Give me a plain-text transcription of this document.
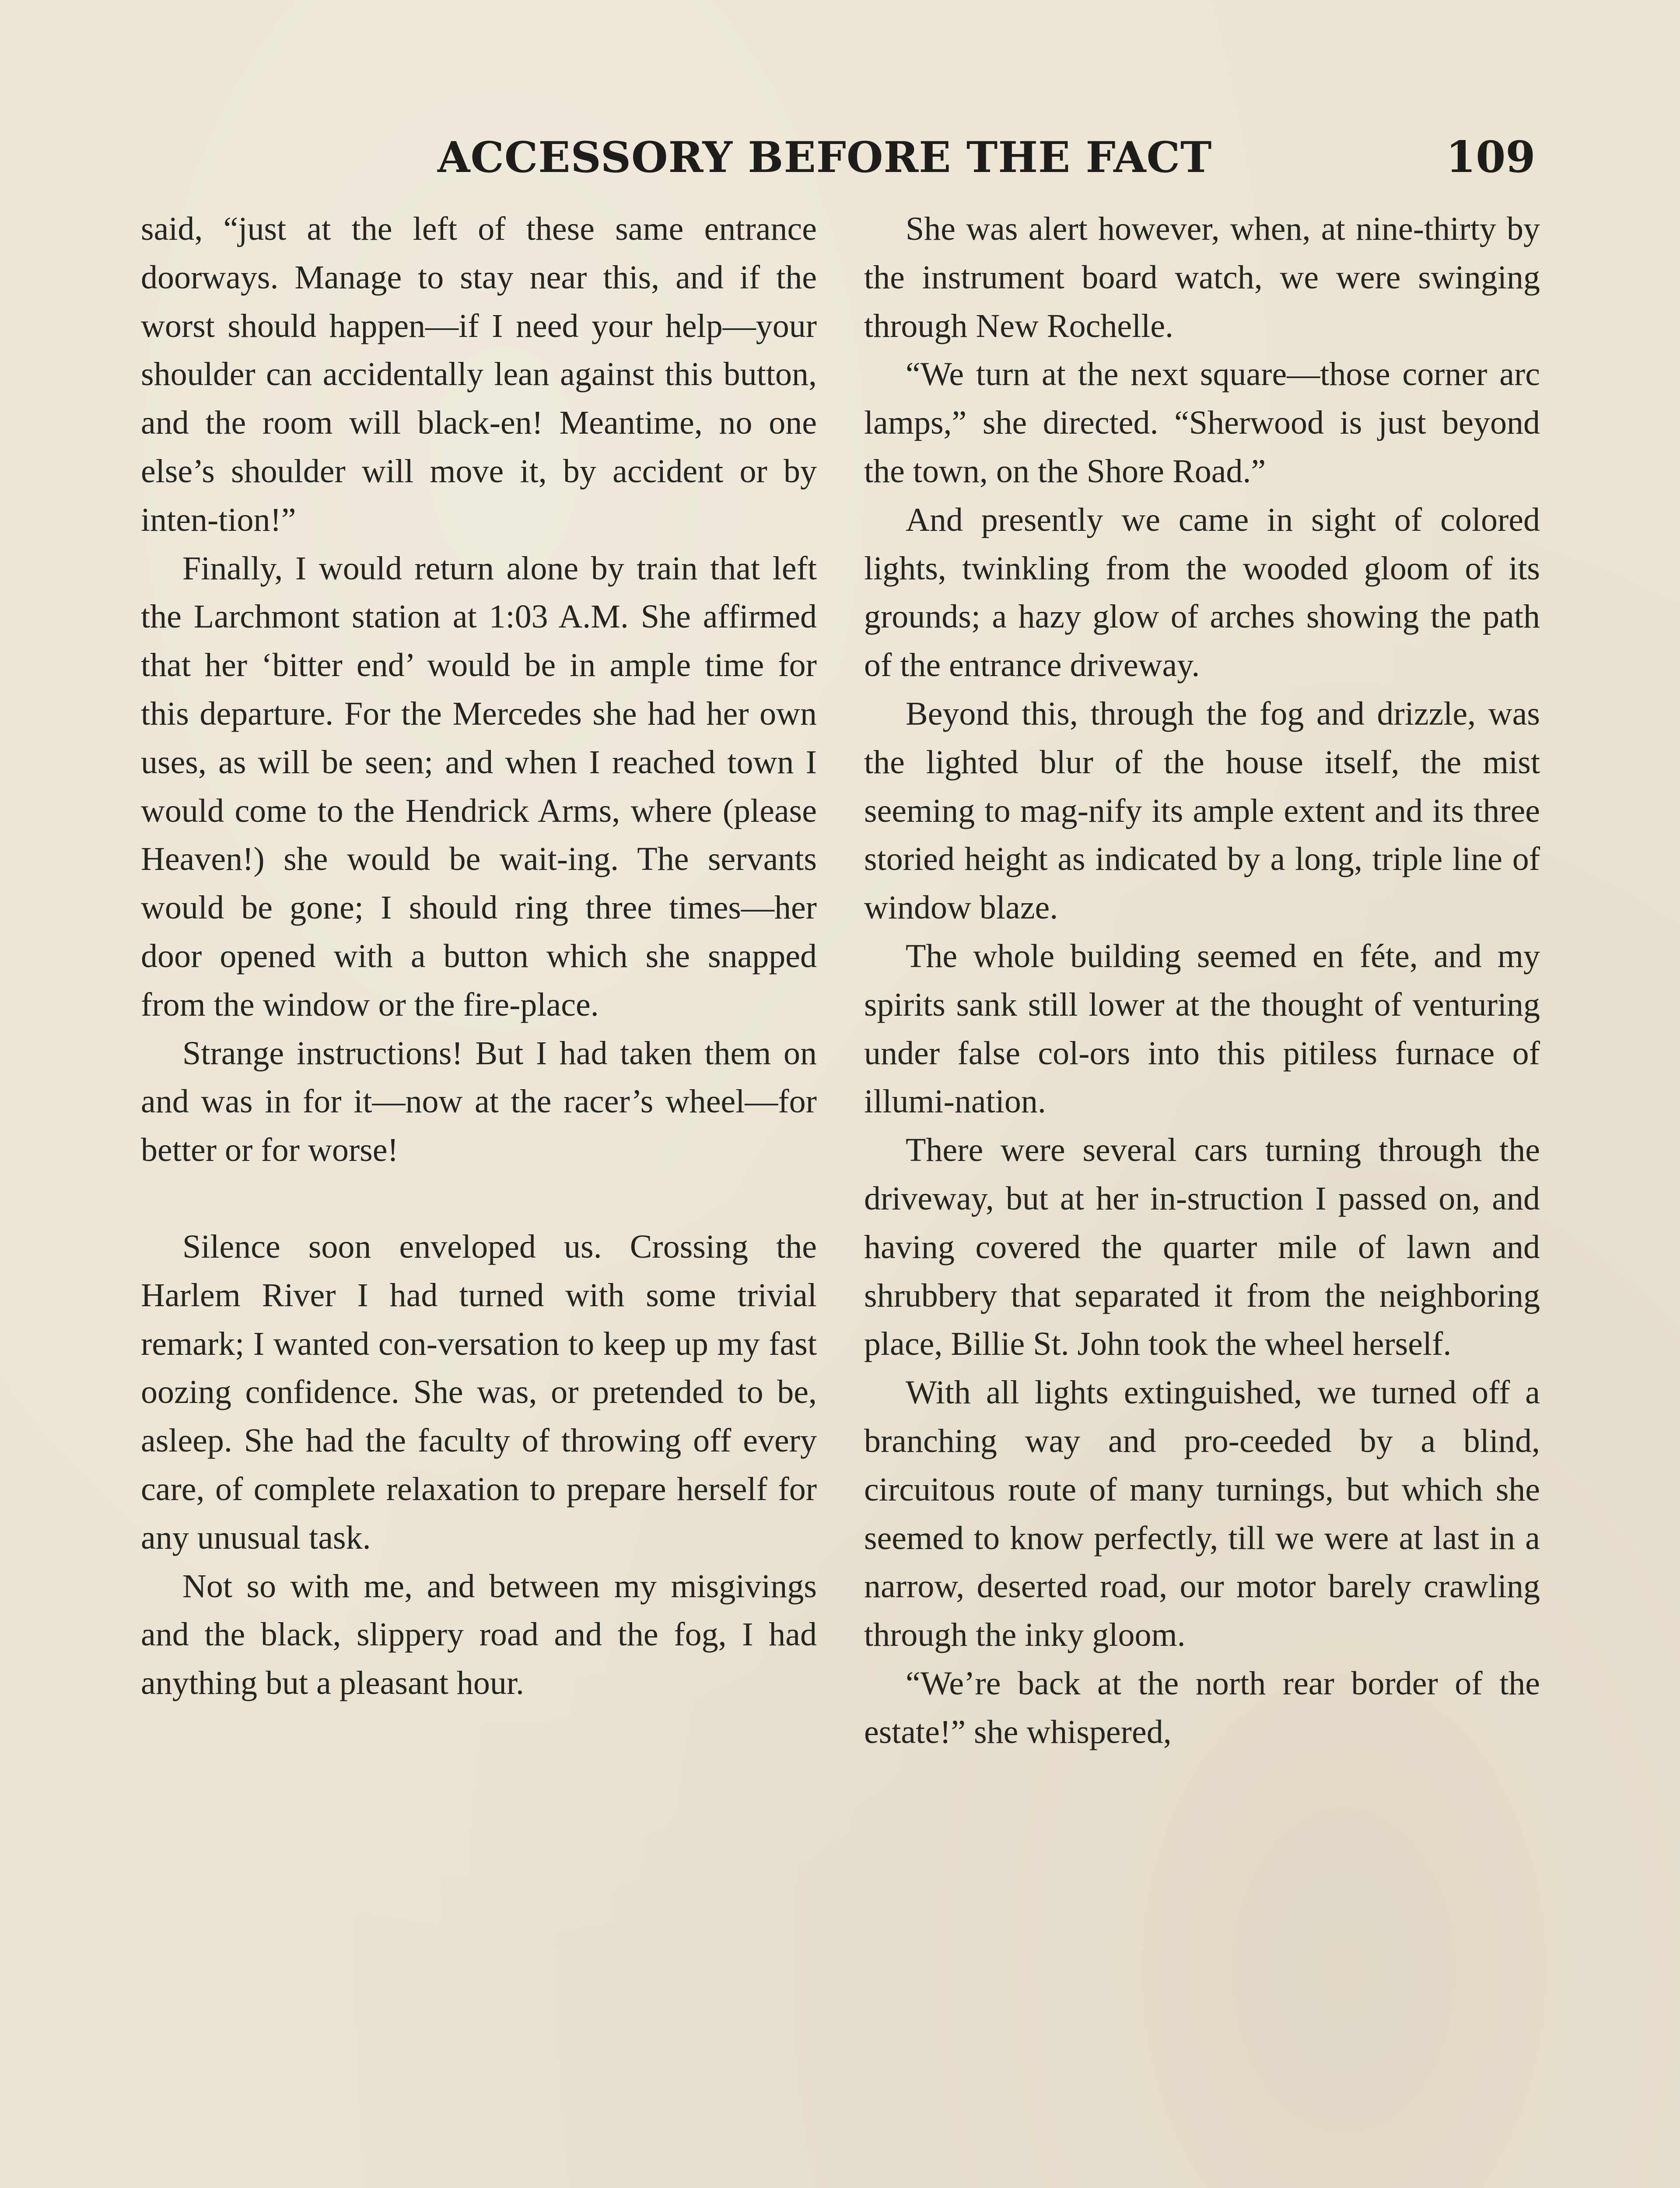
ACCESSORY BEFORE THE FACT	109

said, “just at the left of these same entrance doorways. Manage to stay near this, and if the worst should happen—if I need your help—your shoulder can accidentally lean against this button, and the room will black-en! Meantime, no one else’s shoulder will move it, by accident or by inten-tion!”

Finally, I would return alone by train that left the Larchmont station at 1:03 A.M. She affirmed that her ‘bitter end’ would be in ample time for this departure. For the Mercedes she had her own uses, as will be seen; and when I reached town I would come to the Hendrick Arms, where (please Heaven!) she would be wait-ing. The servants would be gone; I should ring three times—her door opened with a button which she snapped from the window or the fire-place.

Strange instructions! But I had taken them on and was in for it—now at the racer’s wheel—for better or for worse!

Silence soon enveloped us. Crossing the Harlem River I had turned with some trivial remark; I wanted con-versation to keep up my fast oozing confidence. She was, or pretended to be, asleep. She had the faculty of throwing off every care, of complete relaxation to prepare herself for any unusual task.

Not so with me, and between my misgivings and the black, slippery road and the fog, I had anything but a pleasant hour.

She was alert however, when, at nine-thirty by the instrument board watch, we were swinging through New Rochelle.

“We turn at the next square—those corner arc lamps,” she directed. “Sherwood is just beyond the town, on the Shore Road.”

And presently we came in sight of colored lights, twinkling from the wooded gloom of its grounds; a hazy glow of arches showing the path of the entrance driveway.

Beyond this, through the fog and drizzle, was the lighted blur of the house itself, the mist seeming to mag-nify its ample extent and its three storied height as indicated by a long, triple line of window blaze.

The whole building seemed en féte, and my spirits sank still lower at the thought of venturing under false col-ors into this pitiless furnace of illumi-nation.

There were several cars turning through the driveway, but at her in-struction I passed on, and having covered the quarter mile of lawn and shrubbery that separated it from the neighboring place, Billie St. John took the wheel herself.

With all lights extinguished, we turned off a branching way and pro-ceeded by a blind, circuitous route of many turnings, but which she seemed to know perfectly, till we were at last in a narrow, deserted road, our motor barely crawling through the inky gloom.

“We’re back at the north rear border of the estate!” she whispered,
